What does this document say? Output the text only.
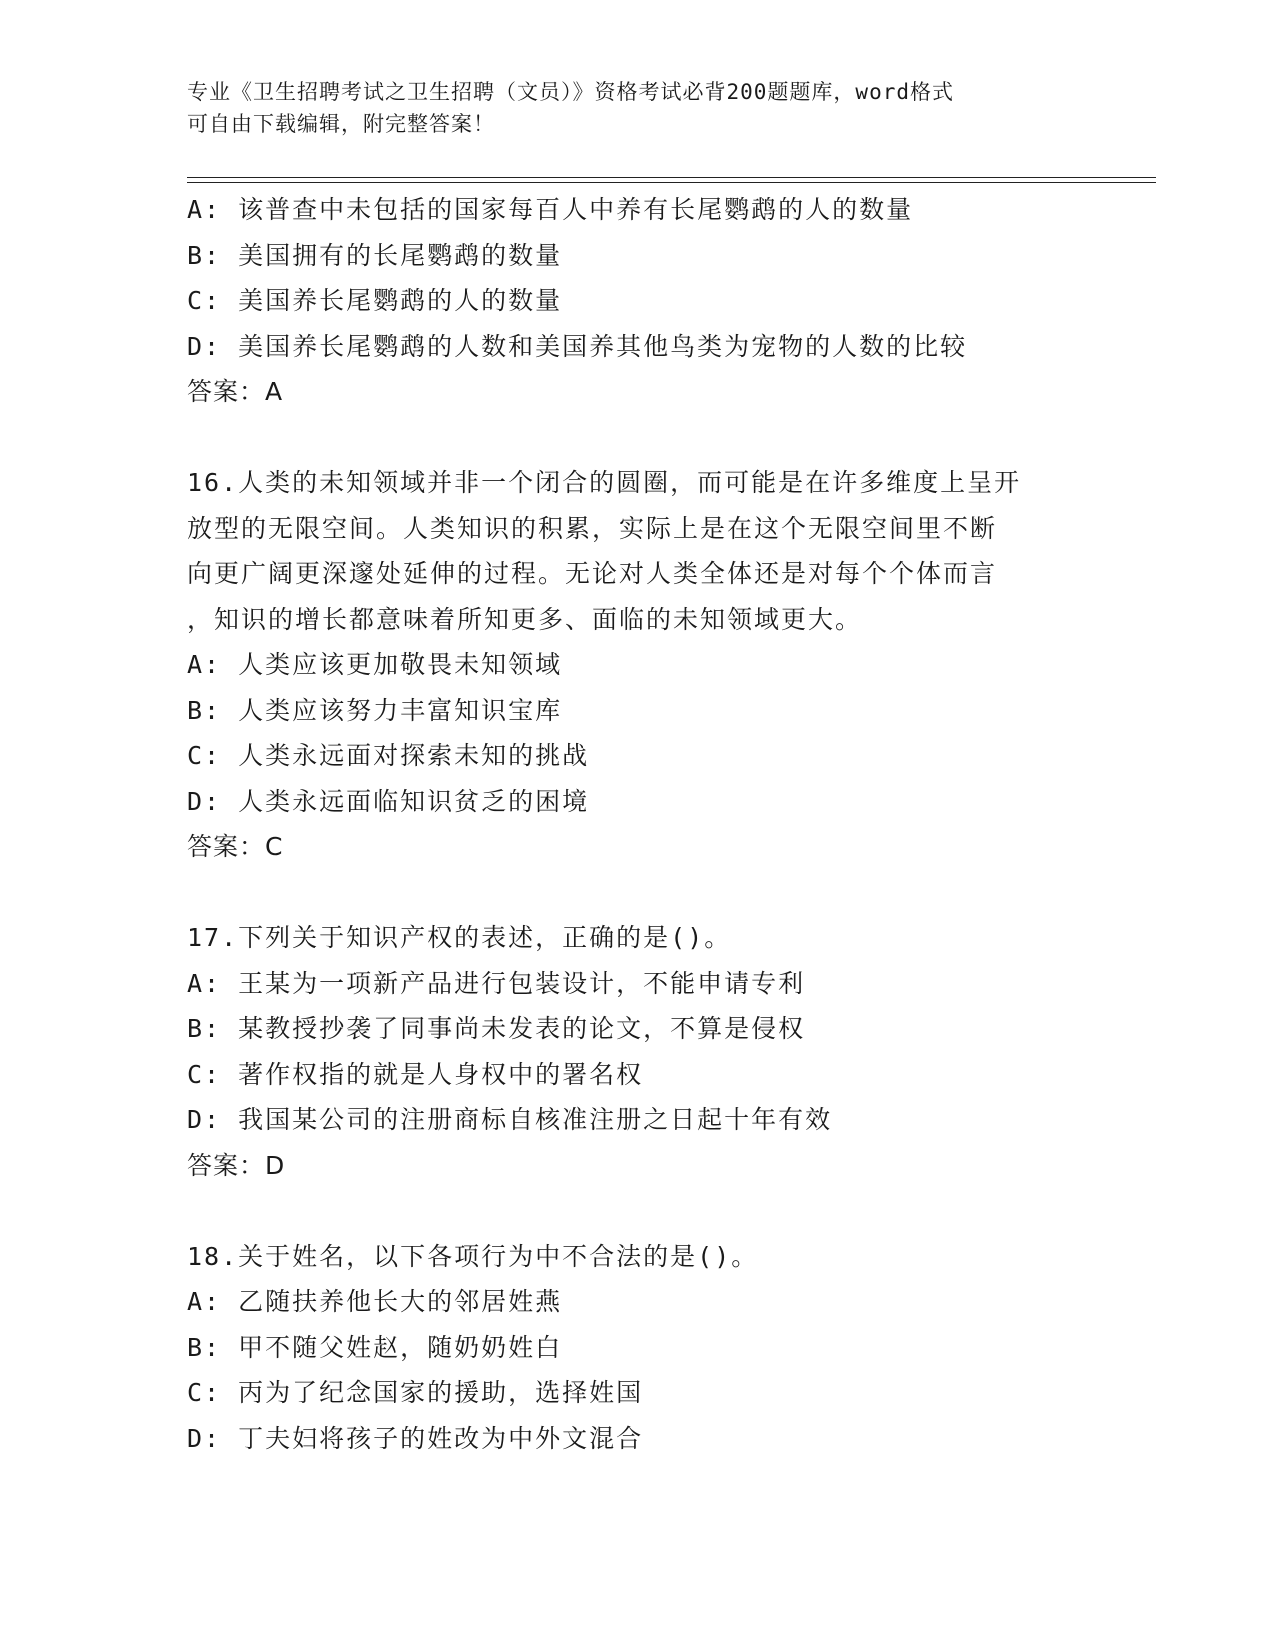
专业《卫生招聘考试之卫生招聘（文员）》资格考试必背200题题库，word格式
可自由下载编辑，附完整答案！

A: 该普查中未包括的国家每百人中养有长尾鹦鹉的人的数量

B: 美国拥有的长尾鹦鹉的数量

C: 美国养长尾鹦鹉的人的数量

D: 美国养长尾鹦鹉的人数和美国养其他鸟类为宠物的人数的比较

答案：A

16.人类的未知领域并非一个闭合的圆圈，而可能是在许多维度上呈开

放型的无限空间。人类知识的积累，实际上是在这个无限空间里不断

向更广阔更深邃处延伸的过程。无论对人类全体还是对每个个体而言

，知识的增长都意味着所知更多、面临的未知领域更大。

A: 人类应该更加敬畏未知领域

B: 人类应该努力丰富知识宝库

C: 人类永远面对探索未知的挑战

D: 人类永远面临知识贫乏的困境

答案：C

17.下列关于知识产权的表述，正确的是()。

A: 王某为一项新产品进行包装设计，不能申请专利

B: 某教授抄袭了同事尚未发表的论文，不算是侵权

C: 著作权指的就是人身权中的署名权

D: 我国某公司的注册商标自核准注册之日起十年有效

答案：D

18.关于姓名，以下各项行为中不合法的是()。

A: 乙随扶养他长大的邻居姓燕

B: 甲不随父姓赵，随奶奶姓白

C: 丙为了纪念国家的援助，选择姓国

D: 丁夫妇将孩子的姓改为中外文混合
